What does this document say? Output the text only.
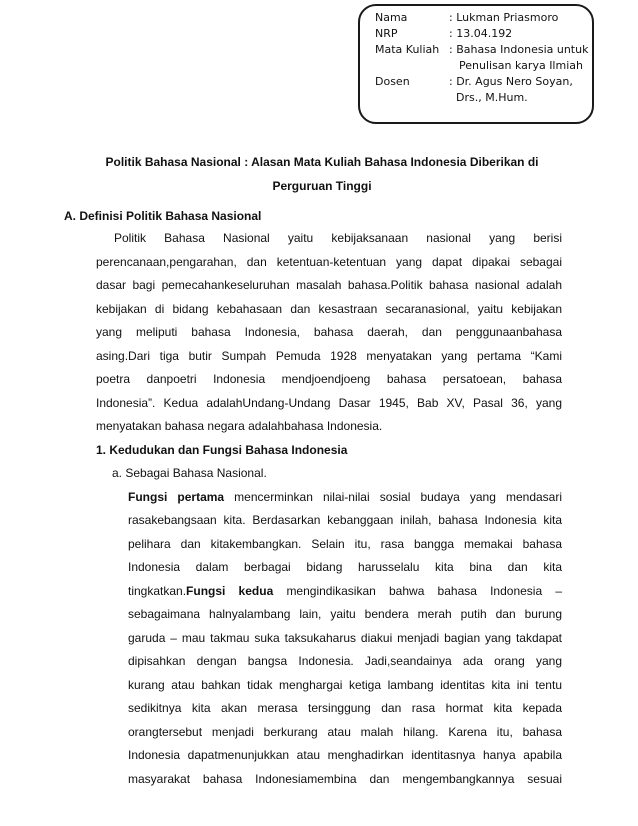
Nama	: Lukman Priasmoro
NRP	: 13.04.192
Mata Kuliah : Bahasa Indonesia untuk
Penulisan karya Ilmiah
Dosen	: Dr. Agus Nero Soyan,
Drs., M.Hum.
Politik Bahasa Nasional : Alasan Mata Kuliah Bahasa Indonesia Diberikan di
Perguruan Tinggi
A. Definisi Politik Bahasa Nasional
Politik Bahasa Nasional yaitu kebijaksanaan nasional yang berisi
perencanaan,pengarahan, dan ketentuan-ketentuan yang dapat dipakai sebagai
dasar bagi pemecahankeseluruhan masalah bahasa.Politik bahasa nasional adalah
kebijakan di bidang kebahasaan dan kesastraan secaranasional, yaitu kebijakan
yang meliputi bahasa Indonesia, bahasa daerah, dan penggunaanbahasa
asing.Dari tiga butir Sumpah Pemuda 1928 menyatakan yang pertama “Kami
poetra danpoetri Indonesia mendjoendjoeng bahasa persatoean, bahasa
Indonesia”. Kedua adalahUndang-Undang Dasar 1945, Bab XV, Pasal 36, yang
menyatakan bahasa negara adalahbahasa Indonesia.
1. Kedudukan dan Fungsi Bahasa Indonesia
a. Sebagai Bahasa Nasional.
Fungsi pertama mencerminkan nilai-nilai sosial budaya yang mendasari
rasakebangsaan kita. Berdasarkan kebanggaan inilah, bahasa Indonesia kita
pelihara dan kitakembangkan. Selain itu, rasa bangga memakai bahasa
Indonesia dalam berbagai bidang harusselalu kita bina dan kita
tingkatkan.Fungsi kedua mengindikasikan bahwa bahasa Indonesia –
sebagaimana halnyalambang lain, yaitu bendera merah putih dan burung
garuda – mau takmau suka taksukaharus diakui menjadi bagian yang takdapat
dipisahkan dengan bangsa Indonesia. Jadi,seandainya ada orang yang
kurang atau bahkan tidak menghargai ketiga lambang identitas kita ini tentu
sedikitnya kita akan merasa tersinggung dan rasa hormat kita kepada
orangtersebut menjadi berkurang atau malah hilang. Karena itu, bahasa
Indonesia dapatmenunjukkan atau menghadirkan identitasnya hanya apabila
masyarakat bahasa Indonesiamembina dan mengembangkannya sesuai
